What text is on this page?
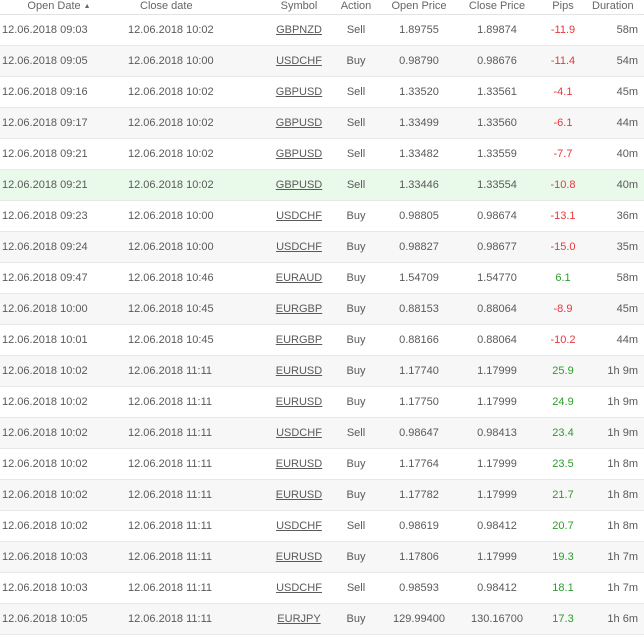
Open Date ▲	Close date	Symbol	Action	Open Price	Close Price	Pips	Duration
12.06.2018 09:03	12.06.2018 10:02	GBPNZD	Sell	1.89755	1.89874	-11.9	58m
12.06.2018 09:05	12.06.2018 10:00	USDCHF	Buy	0.98790	0.98676	-11.4	54m
12.06.2018 09:16	12.06.2018 10:02	GBPUSD	Sell	1.33520	1.33561	-4.1	45m
12.06.2018 09:17	12.06.2018 10:02	GBPUSD	Sell	1.33499	1.33560	-6.1	44m
12.06.2018 09:21	12.06.2018 10:02	GBPUSD	Sell	1.33482	1.33559	-7.7	40m
12.06.2018 09:21	12.06.2018 10:02	GBPUSD	Sell	1.33446	1.33554	-10.8	40m
12.06.2018 09:23	12.06.2018 10:00	USDCHF	Buy	0.98805	0.98674	-13.1	36m
12.06.2018 09:24	12.06.2018 10:00	USDCHF	Buy	0.98827	0.98677	-15.0	35m
12.06.2018 09:47	12.06.2018 10:46	EURAUD	Buy	1.54709	1.54770	6.1	58m
12.06.2018 10:00	12.06.2018 10:45	EURGBP	Buy	0.88153	0.88064	-8.9	45m
12.06.2018 10:01	12.06.2018 10:45	EURGBP	Buy	0.88166	0.88064	-10.2	44m
12.06.2018 10:02	12.06.2018 11:11	EURUSD	Buy	1.17740	1.17999	25.9	1h 9m
12.06.2018 10:02	12.06.2018 11:11	EURUSD	Buy	1.17750	1.17999	24.9	1h 9m
12.06.2018 10:02	12.06.2018 11:11	USDCHF	Sell	0.98647	0.98413	23.4	1h 9m
12.06.2018 10:02	12.06.2018 11:11	EURUSD	Buy	1.17764	1.17999	23.5	1h 8m
12.06.2018 10:02	12.06.2018 11:11	EURUSD	Buy	1.17782	1.17999	21.7	1h 8m
12.06.2018 10:02	12.06.2018 11:11	USDCHF	Sell	0.98619	0.98412	20.7	1h 8m
12.06.2018 10:03	12.06.2018 11:11	EURUSD	Buy	1.17806	1.17999	19.3	1h 7m
12.06.2018 10:03	12.06.2018 11:11	USDCHF	Sell	0.98593	0.98412	18.1	1h 7m
12.06.2018 10:05	12.06.2018 11:11	EURJPY	Buy	129.99400	130.16700	17.3	1h 6m
